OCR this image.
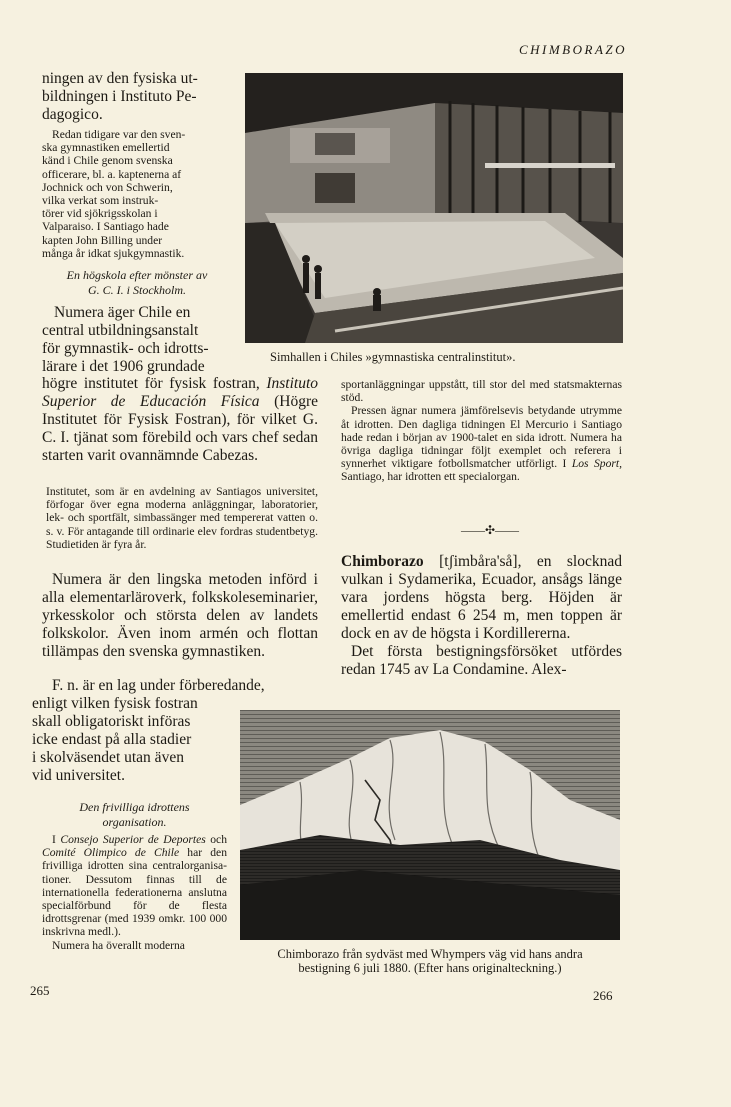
CHIMBORAZO
ningen av den fysiska ut-
bildningen i Instituto Pe-
dagogico.
Redan tidigare var den sven-
ska gymnastiken emellertid
känd i Chile genom svenska
officerare, bl. a. kaptenerna af
Jochnick och von Schwerin,
vilka verkat som instruk-
törer vid sjökrigsskolan i
Valparaiso. I Santiago hade
kapten John Billing under
många år idkat sjukgymnastik.
En högskola efter mönster av
G. C. I. i Stockholm.
Numera äger Chile en
central utbildningsanstalt
för gymnastik- och idrotts-
lärare i det 1906 grundade
Simhallen i Chiles »gymnastiska centralinstitut».

högre institutet för fysisk fostran, Instituto Superior de Educación Física (Högre Institutet för Fysisk Fostran), för vilket G. C. I. tjänat som förebild och vars chef sedan starten varit ovannämnde Cabezas.

Institutet, som är en avdelning av Santiagos universitet, förfogar över egna moderna anläggningar, laboratorier, lek- och sportfält, simbassänger med tempererat vatten o. s. v. För antagande till ordinarie elev fordras studentbetyg. Studietiden är fyra år.

Numera är den lingska metoden införd i alla elementarläroverk, folkskoleseminarier, yrkesskolor och största delen av landets folkskolor. Även inom armén och flottan tillämpas den svenska gymnastiken.

F. n. är en lag under förberedande,
enligt vilken fysisk fostran
skall obligatoriskt införas
icke endast på alla stadier
i skolväsendet utan även
vid universitet.
Den frivilliga idrottens
organisation.

I Consejo Superior de Deportes och Comité Olimpico de Chile har den frivilliga idrotten sina centralorganisationer. Dessutom finnas till de internationella federationerna anslutna specialförbund för de flesta idrottsgrenar (med 1939 omkr. 100 000 inskrivna medl.).

Numera ha överallt moderna

265

sportanläggningar uppstått, till stor del med statsmakternas stöd.

Pressen ägnar numera jämförelsevis betydande utrymme åt idrotten. Den dagliga tidningen El Mercurio i Santiago hade redan i början av 1900-talet en sida idrott. Numera ha övriga dagliga tidningar följt exemplet och refererа i synnerhet viktigare fotbollsmatcher utförligt. I Los Sport, Santiago, har idrotten ett specialorgan.

——✣——

Chimborazo [tʃimbåra'så], en slocknad vulkan i Sydamerika, Ecuador, ansågs länge vara jordens högsta berg. Höjden är emellertid endast 6 254 m, men toppen är dock en av de högsta i Kordillererna.

Det första bestigningsförsöket utfördes redan 1745 av La Condamine. Alex-

Chimborazo från sydväst med Whympers väg vid hans andra
bestigning 6 juli 1880. (Efter hans originalteckning.)
266
